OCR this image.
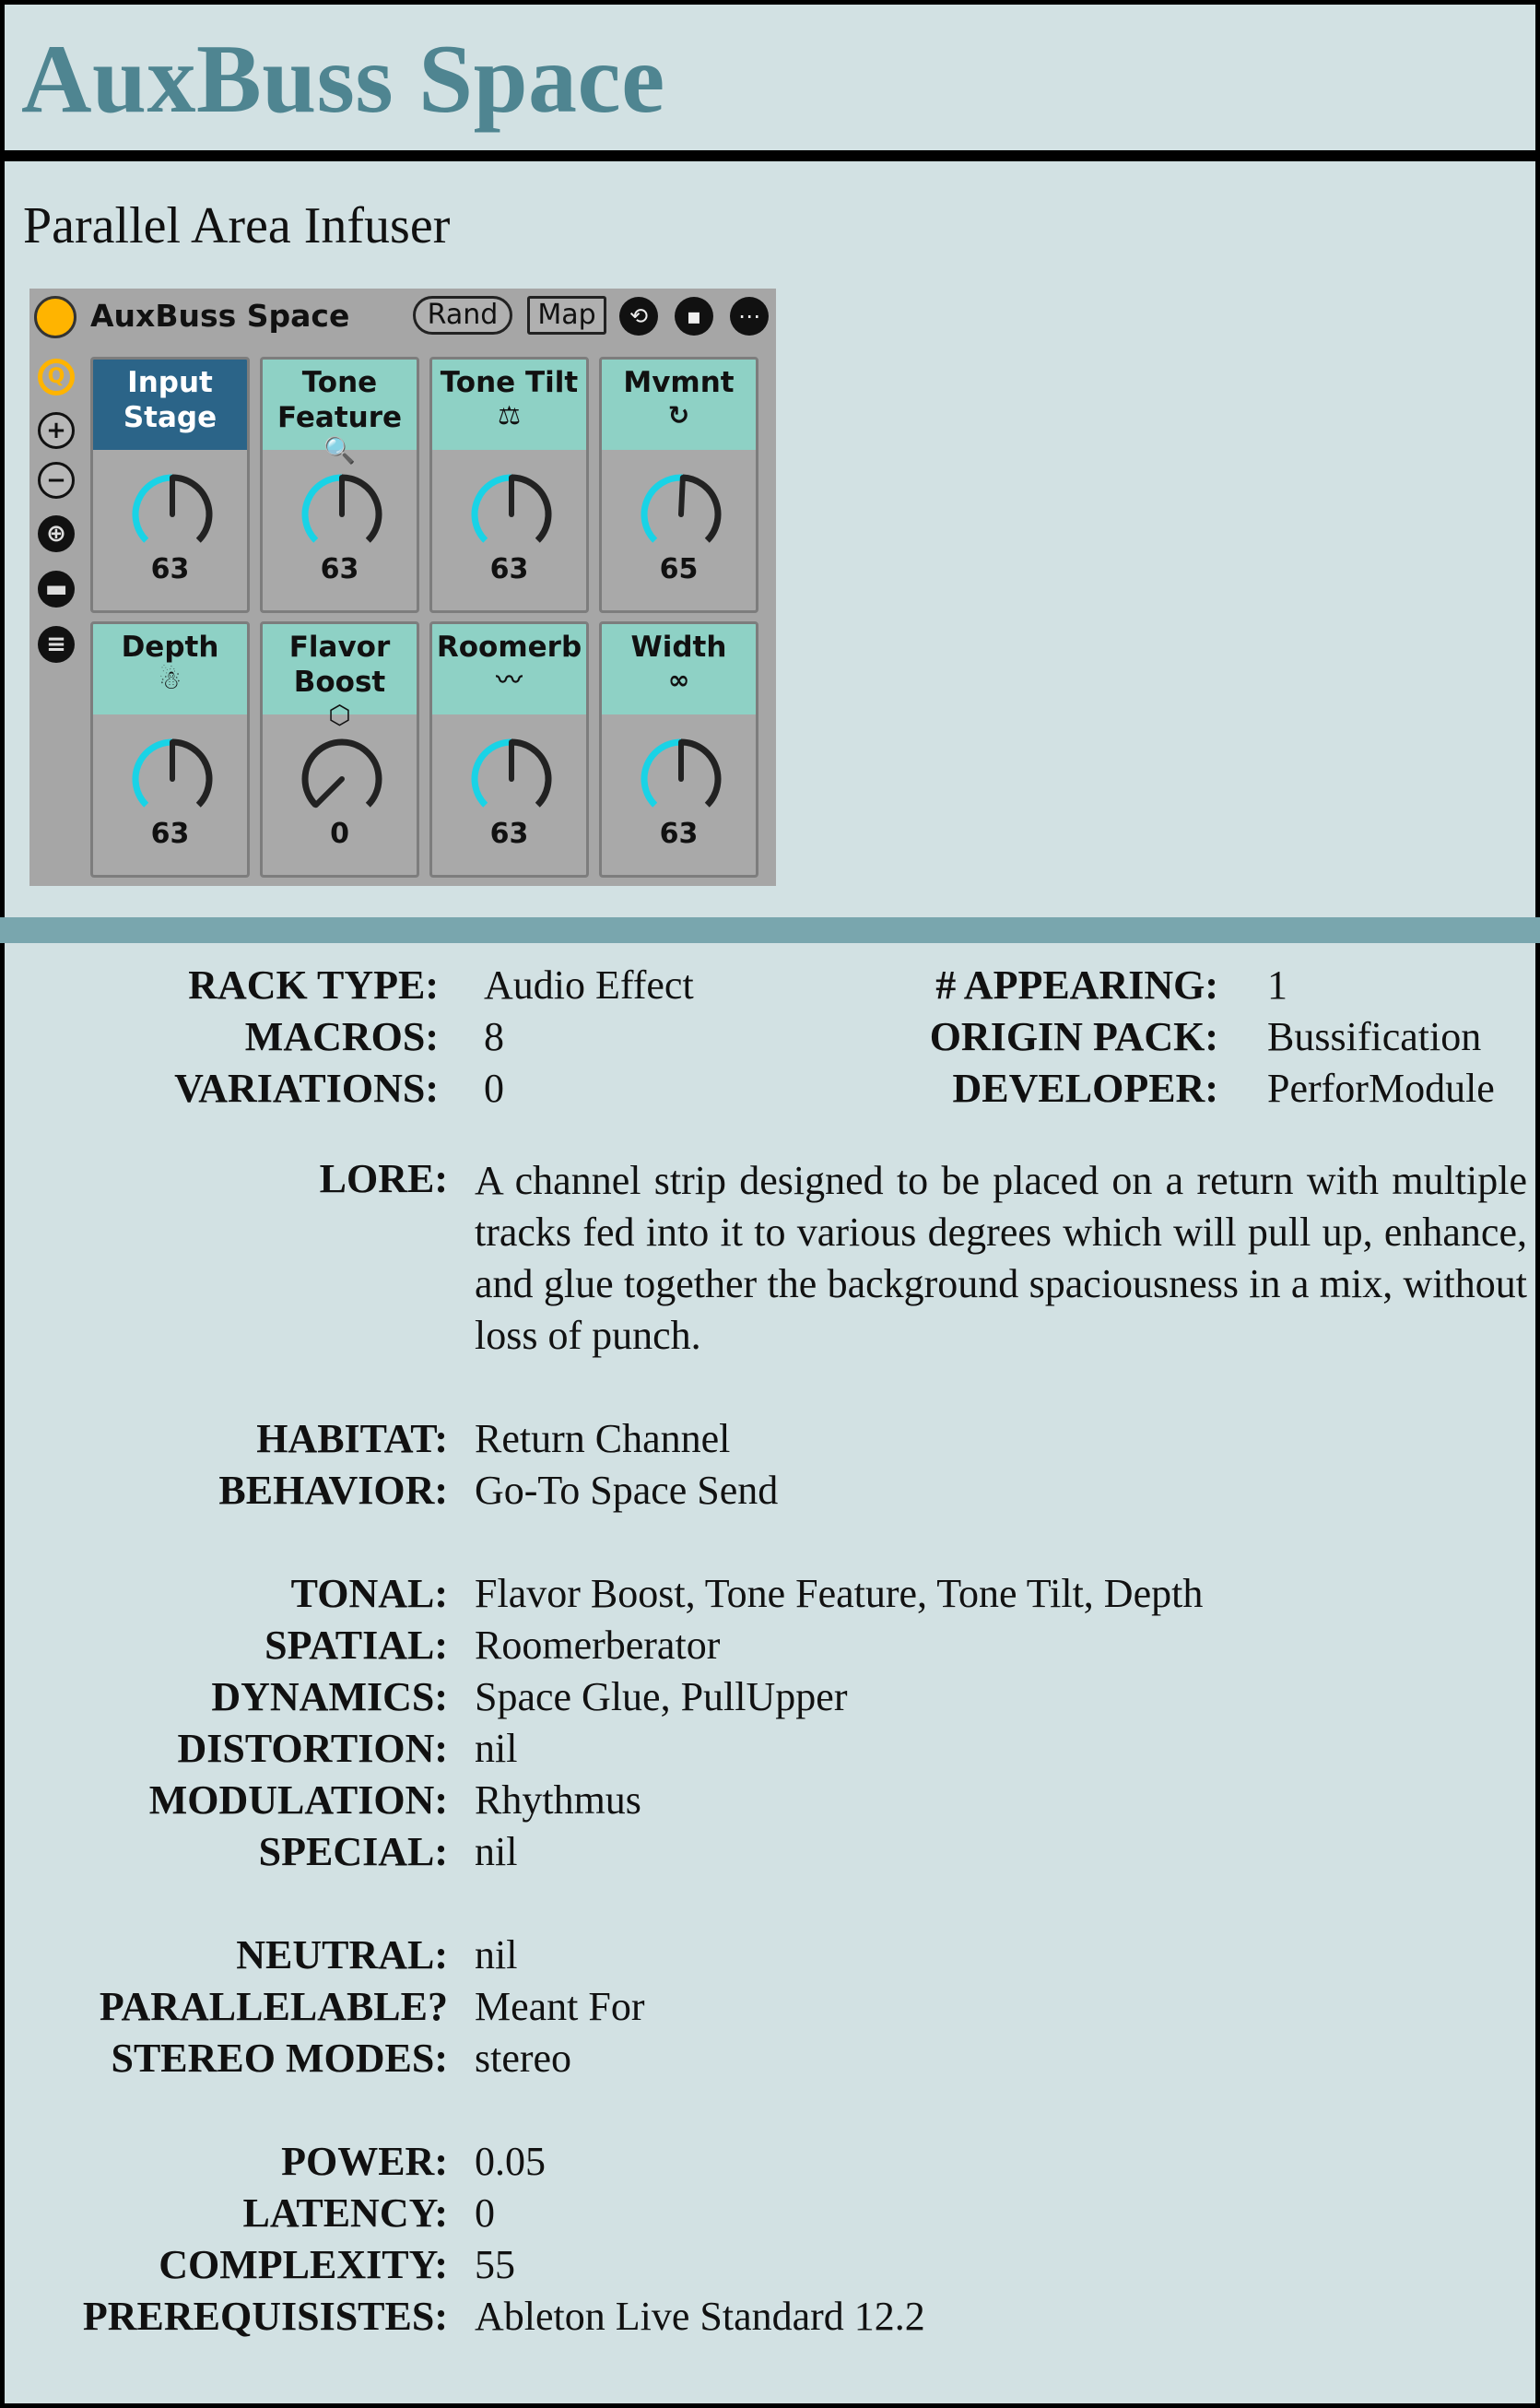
AuxBuss Space
Parallel Area Infuser
AuxBuss Space	Rand	Map	⟲	▪	⋯
Q
+
−
⊕
▬
≡
Input Stage
63
Tone Feature
🔍
63
Tone Tilt
⚖
63
Mvmnt
↻
65
Depth
☃
63
Flavor Boost
⬡
0
Roomerb
〰
63
Width
∞
63
RACK TYPE: Audio Effect
MACROS: 8
VARIATIONS: 0
# APPEARING: 1
ORIGIN PACK: Bussification
DEVELOPER: PerforModule
LORE: A channel strip designed to be placed on a return with multiple tracks fed into it to various degrees which will pull up, enhance, and glue together the background spaciousness in a mix, without loss of punch.
HABITAT: Return Channel
BEHAVIOR: Go-To Space Send
TONAL: Flavor Boost, Tone Feature, Tone Tilt, Depth
SPATIAL: Roomerberator
DYNAMICS: Space Glue, PullUpper
DISTORTION: nil
MODULATION: Rhythmus
SPECIAL: nil
NEUTRAL: nil
PARALLELABLE? Meant For
STEREO MODES: stereo
POWER: 0.05
LATENCY: 0
COMPLEXITY: 55
PREREQUISISTES: Ableton Live Standard 12.2
